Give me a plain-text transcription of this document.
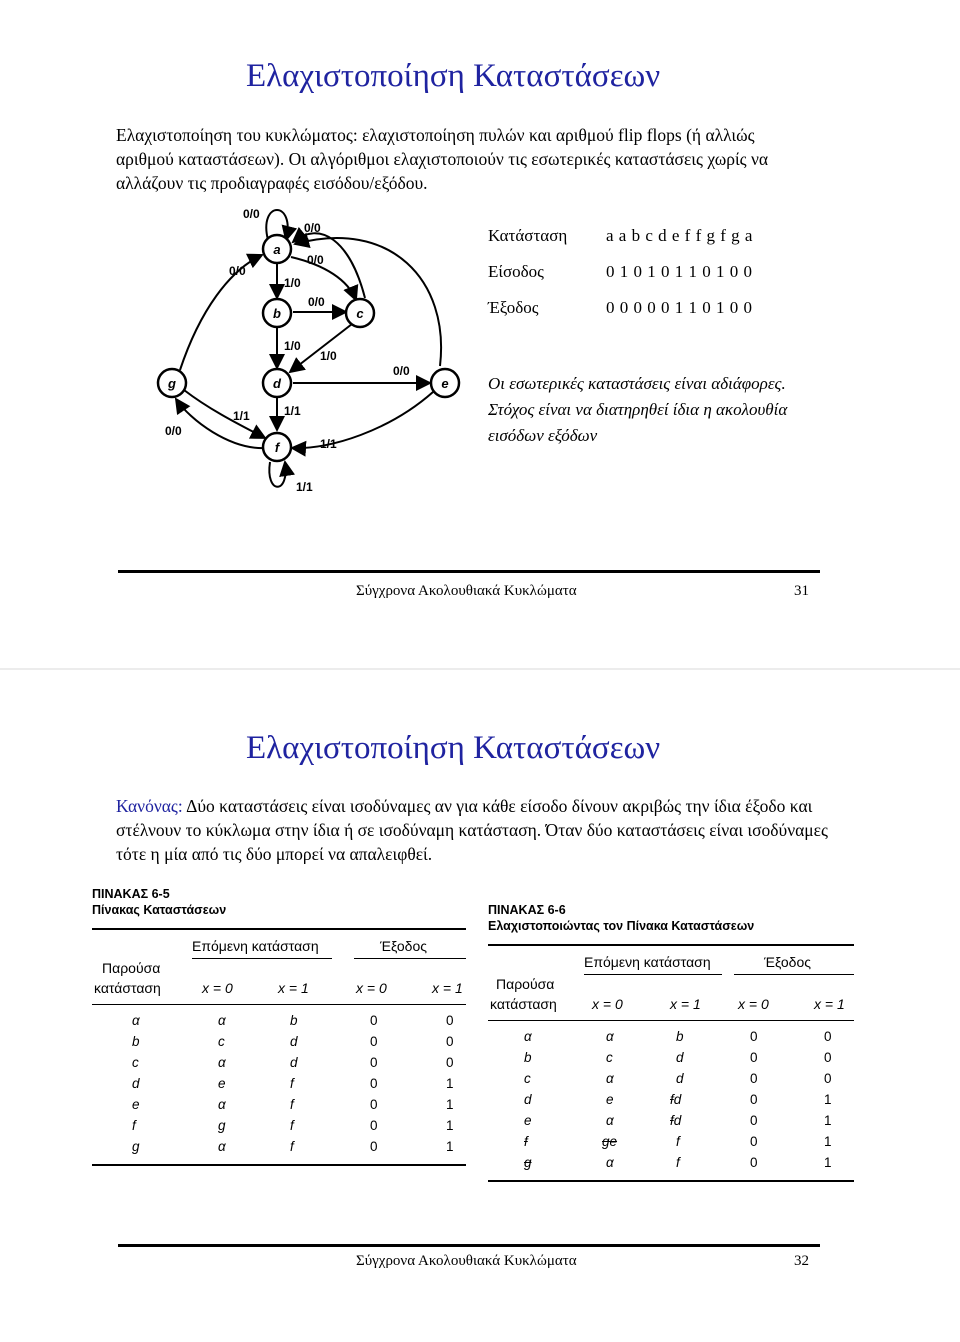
Ελαχιστοποίηση Καταστάσεων
Ελαχιστοποίηση του κυκλώματος: ελαχιστοποίηση πυλών και αριθμού flip flops (ή αλλιώς αριθμού καταστάσεων). Οι αλγόριθμοι ελαχιστοποιούν τις εσωτερικές καταστάσεις χωρίς να αλλάζουν τις προδιαγραφές εισόδου/εξόδου.
a
b	c
d	e
g
f
0/0
0/0
0/0
0/0
1/0
0/0
1/0
1/0
0/0
1/1	1/1
0/0
1/1
1/1
Κατάσταση a a b c d e f f g f g a
Είσοδος	0 1 0 1 0 1 1 0 1 0 0
Έξοδος	0 0 0 0 0 1 1 0 1 0 0
Οι εσωτερικές καταστάσεις είναι αδιάφορες. Στόχος είναι να διατηρηθεί ίδια η ακολουθία εισόδων εξόδων
Σύγχρονα Ακολουθιακά Κυκλώματα	31
Ελαχιστοποίηση Καταστάσεων
Κανόνας: Δύο καταστάσεις είναι ισοδύναμες αν για κάθε είσοδο δίνουν ακριβώς την ίδια έξοδο και στέλνουν το κύκλωμα στην ίδια ή σε ισοδύναμη κατάσταση. Όταν δύο καταστάσεις είναι ισοδύναμες τότε η μία από τις δύο μπορεί να απαλειφθεί.
ΠΙΝΑΚΑΣ 6-5
Πίνακας Καταστάσεων
Επόμενη κατάσταση	Έξοδος
Παρούσα
κατάσταση	x = 0	x = 1	x = 0	x = 1
α	α	b	0	0
b	c	d	0	0
c	α	d	0	0
d	e	f	0	1
e	α	f	0	1
f	g	f	0	1
g	α	f	0	1
ΠΙΝΑΚΑΣ 6-6
Ελαχιστοποιώντας τον Πίνακα Καταστάσεων
Επόμενη κατάσταση	Έξοδος
Παρούσα
κατάσταση	x = 0	x = 1	x = 0	x = 1
α	α	b	0	0
b	c	d	0	0
c	α	d	0	0
d	e	fd	0	1
e	α	fd	0	1
f	ge	f	0	1
g	α	f	0	1
Σύγχρονα Ακολουθιακά Κυκλώματα	32
